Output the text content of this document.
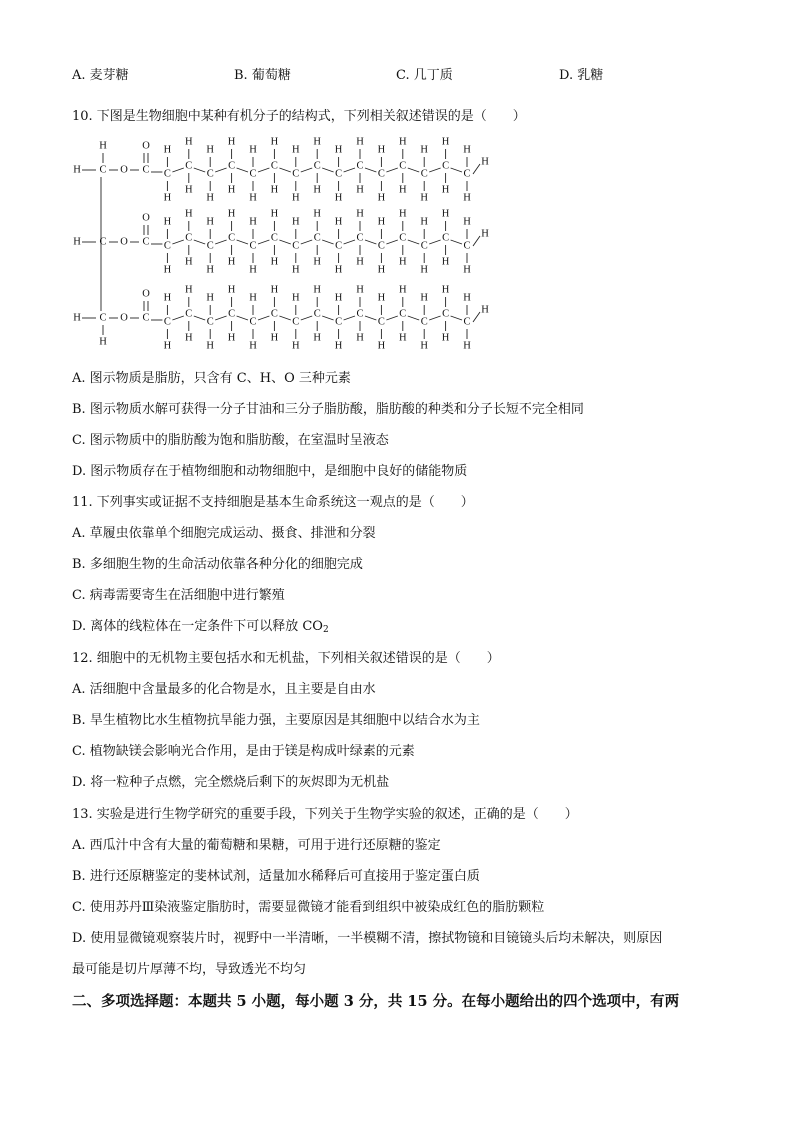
A. 麦芽糖	B. 葡萄糖	C. 几丁质	D. 乳糖
10. 下图是生物细胞中某种有机分子的结构式，下列相关叙述错误的是（　　）
H
H
H C O C
O
C
H
H
C
H
H
C
H
H
C
H
H
C
H
H
C
H
H
C
H
H
C
H
H
C
H
H
C
H
H
C
H
H
C
H
H
C
H
H
C
H
H
C
H
H
H
H C O C
O
C
H
H
C
H
H
C
H
H
C
H
H
C
H
H
C
H
H
C
H
H
C
H
H
C
H
H
C
H
H
C
H
H
C
H
H
C
H
H
C
H
H
C
H
H
H
H C O C
O
C
H
H
C
H
H
C
H
H
C
H
H
C
H
H
C
H
H
C
H
H
C
H
H
C
H
H
C
H
H
C
H
H
C
H
H
C
H
H
C
H
H
C
H
H
H
A. 图示物质是脂肪，只含有 C、H、O 三种元素
B. 图示物质水解可获得一分子甘油和三分子脂肪酸，脂肪酸的种类和分子长短不完全相同
C. 图示物质中的脂肪酸为饱和脂肪酸，在室温时呈液态
D. 图示物质存在于植物细胞和动物细胞中，是细胞中良好的储能物质
11. 下列事实或证据不支持细胞是基本生命系统这一观点的是（　　）
A. 草履虫依靠单个细胞完成运动、摄食、排泄和分裂
B. 多细胞生物的生命活动依靠各种分化的细胞完成
C. 病毒需要寄生在活细胞中进行繁殖
D. 离体的线粒体在一定条件下可以释放 $CO_2$
12. 细胞中的无机物主要包括水和无机盐，下列相关叙述错误的是（　　）
A. 活细胞中含量最多的化合物是水，且主要是自由水
B. 旱生植物比水生植物抗旱能力强，主要原因是其细胞中以结合水为主
C. 植物缺镁会影响光合作用，是由于镁是构成叶绿素的元素
D. 将一粒种子点燃，完全燃烧后剩下的灰烬即为无机盐
13. 实验是进行生物学研究的重要手段，下列关于生物学实验的叙述，正确的是（　　）
A. 西瓜汁中含有大量的葡萄糖和果糖，可用于进行还原糖的鉴定
B. 进行还原糖鉴定的斐林试剂，适量加水稀释后可直接用于鉴定蛋白质
C. 使用苏丹Ⅲ染液鉴定脂肪时，需要显微镜才能看到组织中被染成红色的脂肪颗粒
D. 使用显微镜观察装片时，视野中一半清晰，一半模糊不清，擦拭物镜和目镜镜头后均未解决，则原因
最可能是切片厚薄不均，导致透光不均匀
二、多项选择题：本题共 5 小题，每小题 3 分，共 15 分。在每小题给出的四个选项中，有两
